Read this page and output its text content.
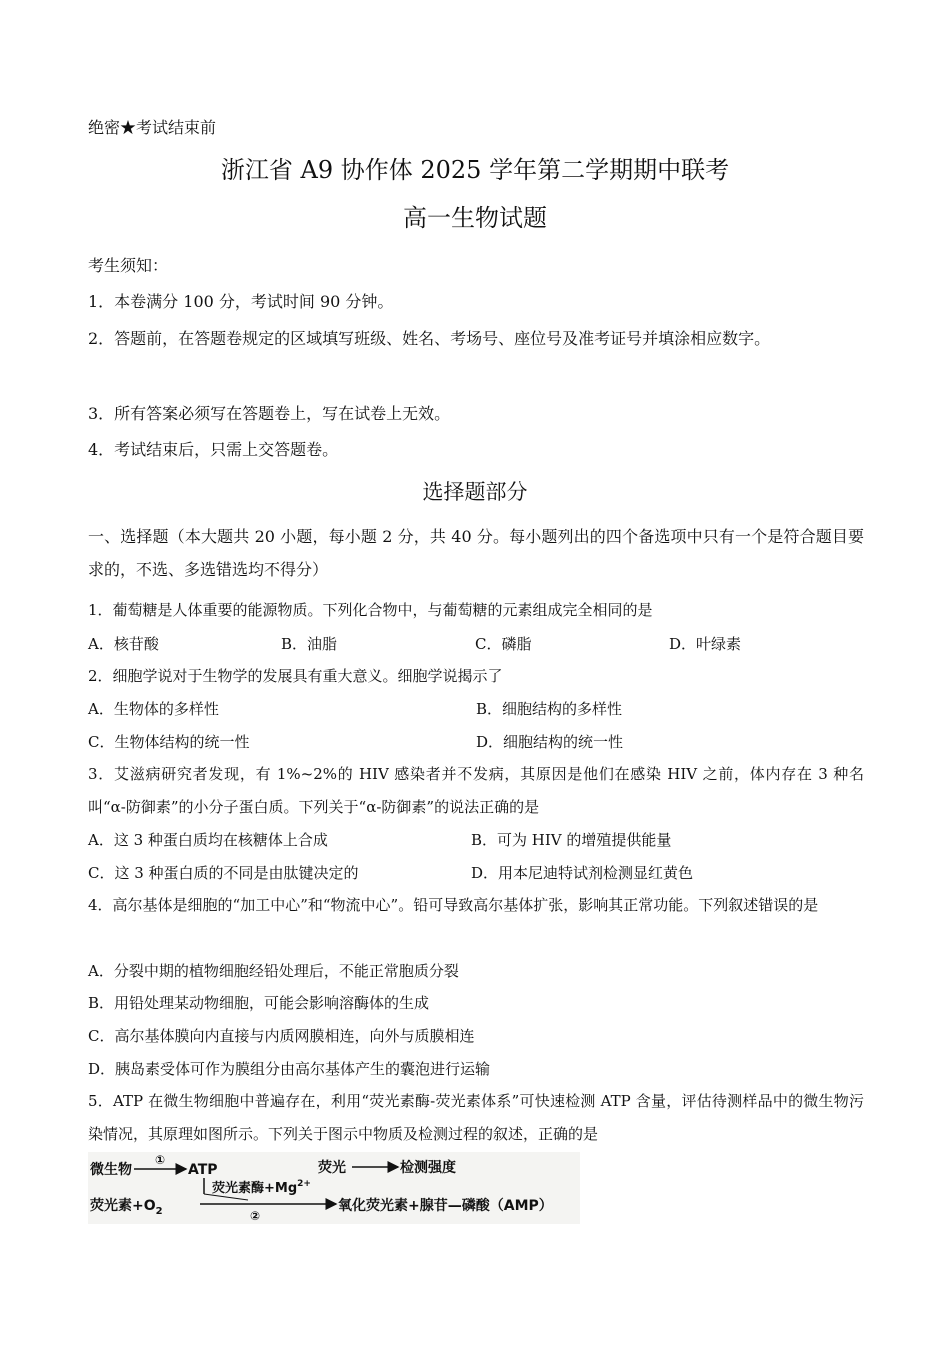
绝密★考试结束前
浙江省 A9 协作体 2025 学年第二学期期中联考
高一生物试题
考生须知：
1．本卷满分 100 分，考试时间 90 分钟。
2．答题前，在答题卷规定的区域填写班级、姓名、考场号、座位号及准考证号并填涂相应数字。
3．所有答案必须写在答题卷上，写在试卷上无效。
4．考试结束后，只需上交答题卷。
选择题部分
一、选择题（本大题共 20 小题，每小题 2 分，共 40 分。每小题列出的四个备选项中只有一个是符合题目要求的，不选、多选错选均不得分）
1．葡萄糖是人体重要的能源物质。下列化合物中，与葡萄糖的元素组成完全相同的是
A．核苷酸	B．油脂	C．磷脂	D．叶绿素
2．细胞学说对于生物学的发展具有重大意义。细胞学说揭示了
A．生物体的多样性	B．细胞结构的多样性
C．生物体结构的统一性	D．细胞结构的统一性
3．艾滋病研究者发现，有 1%~2%的 HIV 感染者并不发病，其原因是他们在感染 HIV 之前，体内存在 3 种名叫“α-防御素”的小分子蛋白质。下列关于“α-防御素”的说法正确的是
A．这 3 种蛋白质均在核糖体上合成	B．可为 HIV 的增殖提供能量
C．这 3 种蛋白质的不同是由肽键决定的	D．用本尼迪特试剂检测显红黄色
4．高尔基体是细胞的“加工中心”和“物流中心”。铅可导致高尔基体扩张，影响其正常功能。下列叙述错误的是
A．分裂中期的植物细胞经铅处理后，不能正常胞质分裂
B．用铅处理某动物细胞，可能会影响溶酶体的生成
C．高尔基体膜向内直接与内质网膜相连，向外与质膜相连
D．胰岛素受体可作为膜组分由高尔基体产生的囊泡进行运输
5．ATP 在微生物细胞中普遍存在，利用“荧光素酶-荧光素体系”可快速检测 ATP 含量，评估待测样品中的微生物污染情况，其原理如图所示。下列关于图示中物质及检测过程的叙述，正确的是
微生物
①
ATP	荧光	检测强度
荧光素酶$+Mg^{2+}$
荧光素$+O_2$	②
氧化荧光素+腺苷—磷酸（AMP）
